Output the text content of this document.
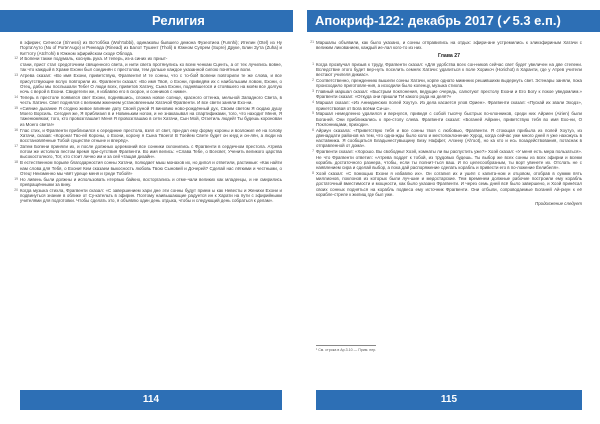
Религия
в эфирин; Си'несси (Si'nessi) из Во'тоббка (Woh'tobbi), одинаковы бывшего демона Фузеотиеа (Funnhi); Ителин (Otel) из Ну Порта'Ауто (Nu of Porte'Augo) и Ринеада (Rinead) из Балот Тушент (Tholi) в Южном Супрем (Supre) Друке, Блин Зу'га (Zuha) и Кит'готу (Atch'ohi) в Южном эфирийском сходе Облода.
12 И Бопени также подумаль, коснувь рука. И теперь, из-а синих их приыт-
стани, прист стал средоточием священного света, и нити света протянулись ко всем ченкам Сценть, а от тех лучились вовне, так что каждый в Храме Ехони был соединён с престолом, тем дольше каждое указанной силою понятные воли.
13 Атрева сказал: «Во имя Ехони, приветствую, Фрагвенти! И те сонны, что с то-боЙ Бопени повторили те же слова, и все присутствующие вслух повторили их. Фрагвенти сказал: «Во имя Твоё, о Ехони, приведём их с наибольшим ловом, Ехони, о Отец, дабы мы послышали Тебе! О люди всех, приветов Хатачу, Сына Ехони, поднявшегося и стоявшего на моём все долгую ночь с верой в Ехони. Свидетели же, я избавлю его в скорое, и сонников с ними».
14 Теперь в престоле появился свет Ехони, поднявшись, сложна новое солнце, красного оттенка, мельной Западного Света, в честь Хатачи. Свет поднялся с великим жжением установленным Хатачой Фрагвенти. И все свети заняли Ехо-ни.
15 «Сияние дыхание Я сгодню живое влияние дату Своей руной Я виновию ново-рождённый дух, Своим светом Я сюдаю душу Моего Ворсиль. Сегодня же, Я приблизил в и Новиньким ногом, и не знаказывал на спартификами, того, что находит Меня, Я таженюмяком; того, кто провозглашает Меня Я провозглашаю в сети Хатачи, Сын Мой, Отзетиль людей! Ты будешь коронован из Моего света!»
16 Глас стих, и Фрагвенти приблизился к серединие престола, взял от свет, при-дал ему форму короны и возложил её на голову Хатачи, сказав: «Корона! Тво-ей Короны, о Ехони, корону я Сына Твоего! В Тоейем Свете будет он кнуд и он-лён, а люди на восстановлённые Тобой существе отныне и вперёд».
17 Затем Бопени приняли их, и после должных церемоний все сонники склонились с Фрагвенти в сердечном престола. Атрева потом же истолкла пестом время при-сутствия Фрагвенти. Во имя велись: «Слава Тебе, о Всесвет, Ученить великого царства высокостолного, Тот, кто стоит лично им и за сей чтащая дизайн».
18 В естественном порыве благодарностия сонны Хатачи, полюдает мыш монахов их, но дипол и ответили, растимые: «Как найти нам слова для Тебя, о Ехони! Кем сказаем выкосность любовь Твою Сыновей и Дочерей? Сделай нас лёгкими и честными, о Отец! Неизменно мы чвёт уреще меня и греде Тобой!»
19 Но ливень были должны и использовать нтервью байкно, восторгались и отме-чали великих как младенцы, и не смирились превращёнными за вину.
20 Когда музыка стихла, Фрагвенти сказал: «С завершением хари дне эти сонны будут прием ы как Невесты и Женихи Ехони и подвинуться знание в облике от Су-кательть в эфирин. Поэтому наивышающие радуется ин к Харати на пути с эфирийными учителями для подготовки. Чтобы сделать это, я объявлю один день отдыха, чтобы и следующий день собраться к делам».
114
Апокриф-122: декабрь 2017 (✓5.3 е.п.)
21 Маршалы объявили, как было указано, и сонны отправились на отдых: эфири-ане устремились к эликэфириным Хатачи с великим ликованием, каждый ие-лал кого-то из них.
Глава 27
1 Когда прозвучал призыв к труду, Фрагвенти сказал: «Для удобства всех сон-ников сейчас свет будет увеличен на две степени. Вследствие этого будет вер-нуть поселить семнях Хатачи: удалиться к поле Хорикоч (Horichot) в Харанти, где у Атрев учители вестают училеля дикиас».
2 Соответственно, прежденнию вышели сонны Хатачи, корпе однато мимнних решившихм выдернуть свет. Эс'енары заняли, пока происходило приготовле-ния, а исходили было коленцу, музыка стихла.
3 Главный маршал сказал: «Быстрым поклонения, ведущие очередь, салютуют престолу Ехони и Его Богу к покое уведомлим.» Фрагвенти сказал: «Откуда они пришли ТИ какого рода на делё?»
4 Маршал сказал: «Из Аннидинских полей Хоутуэ. Из дела касается улов Ориен». Фрагвенти сказал: «Пускай их звали Эходэ», прикетствовая от Бога всёми Си-ш».
5 Маршал немедленно удалился и вернулся, приведя с собой тысячу быстрых по-клонников, среди них Айриен (Airien) были Боганей. Они приближались к пре-столу слева. Фрагвенти сказал: «Боганей Айриен, приветствую тебя во имя Ехо-ни, О Поклонницами, приходи».
6 Айриун сказала: «Приветствую тебя и все сонны твоя с любовью, Фрагвенти. Я стоющая прибыла из полей Хоутуэ, из двенадцати районов на тем, что одна-жды было коло и местопоклонение Хурод, когда сейчас уже много дней я уже нахожусь в наставника. Я сообщаться Бладынестувыщину Безу Наффет, Алэнну (Ah'oot), но ка кто и есь позадействования, потаснак в отправленной от дома».
7 Фрагвенти сказал: «Хорошо. Вы свободны! Хоэй, комнаты ли вы распустить уже?» Хоэй сказал: «У меня есть мера пользаться». Не что Фрагвенти ответил: «Атрева поддет к тобой, из трудовых будешь. Ты выбор же всех сонны из всех эфирии и всеми корабль достаточного разнера, чтобы, если ты полнит-ться ваш. И по целесообразным, ты ворт увенете их. Отслать не с наявлением сира и сделай выбор, а пока дай распоряжение сделать корабль и привести его в по-ложение Ёелибеля».
8 Хоэй сказал: «С помощью Ехони я избавлю их». Он сотапил их и ушёл с капита-ном и отцовом, отобрав в суммм пять миллионов, поклонов из которых были луч-шие и медостарские. Тем временем должные рабочие построили ему корабль достаточный вместимости и мощности, как было указано Фрагвенти. И через семь дней всё было завершено, и Хоэй принёсал своих сонных подняться на корабль подвеса ему источник Фрагвенти. Они отбыли, сопроводаемые Боганей Ай-риун к её корабле-стреле к жилищ где был уже.
Продолжение следует
¹ См. строка в Ар.3.10 — Прим. пер.
115
